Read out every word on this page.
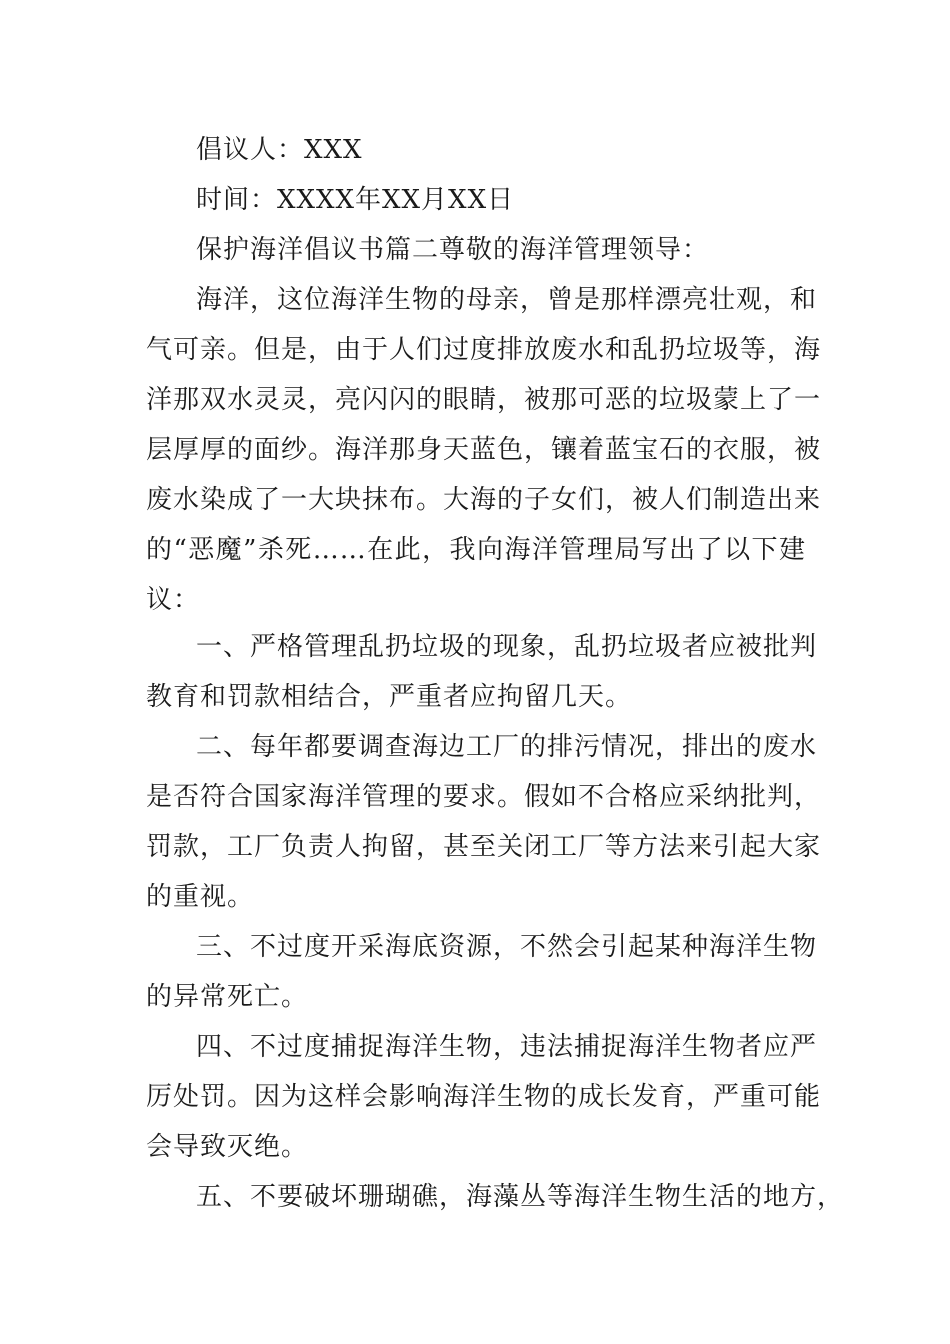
倡议人：XXX
时间：XXXX年XX月XX日
保护海洋倡议书篇二尊敬的海洋管理领导：
海洋，这位海洋生物的母亲，曾是那样漂亮壮观，和
气可亲。但是，由于人们过度排放废水和乱扔垃圾等，海
洋那双水灵灵，亮闪闪的眼睛，被那可恶的垃圾蒙上了一
层厚厚的面纱。海洋那身天蓝色，镶着蓝宝石的衣服，被
废水染成了一大块抹布。大海的子女们，被人们制造出来
的“恶魔”杀死……在此，我向海洋管理局写出了以下建
议：
一、严格管理乱扔垃圾的现象，乱扔垃圾者应被批判
教育和罚款相结合，严重者应拘留几天。
二、每年都要调查海边工厂的排污情况，排出的废水
是否符合国家海洋管理的要求。假如不合格应采纳批判，
罚款，工厂负责人拘留，甚至关闭工厂等方法来引起大家
的重视。
三、不过度开采海底资源，不然会引起某种海洋生物
的异常死亡。
四、不过度捕捉海洋生物，违法捕捉海洋生物者应严
厉处罚。因为这样会影响海洋生物的成长发育，严重可能
会导致灭绝。
五、不要破坏珊瑚礁，海藻丛等海洋生物生活的地方，
